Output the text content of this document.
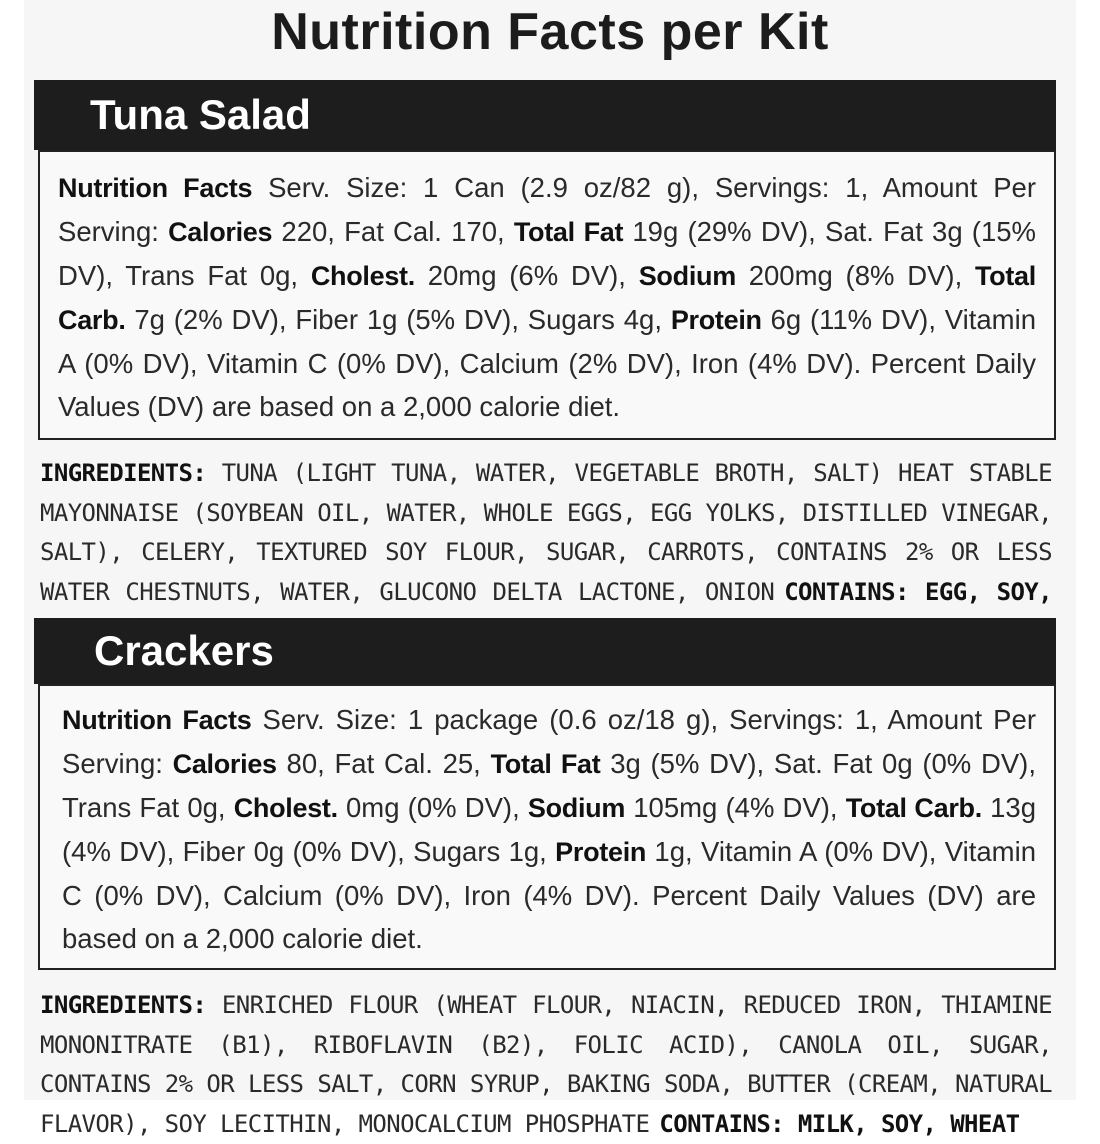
Nutrition Facts per Kit
Tuna Salad
Nutrition Facts Serv. Size: 1 Can (2.9 oz/82 g), Servings: 1, Amount Per Serving: Calories 220, Fat Cal. 170, Total Fat 19g (29% DV), Sat. Fat 3g (15% DV), Trans Fat 0g, Cholest. 20mg (6% DV), Sodium 200mg (8% DV), Total Carb. 7g (2% DV), Fiber 1g (5% DV), Sugars 4g, Protein 6g (11% DV), Vitamin A (0% DV), Vitamin C (0% DV), Calcium (2% DV), Iron (4% DV). Percent Daily Values (DV) are based on a 2,000 calorie diet.
INGREDIENTS: TUNA (LIGHT TUNA, WATER, VEGETABLE BROTH, SALT) HEAT STABLE MAYONNAISE (SOYBEAN OIL, WATER, WHOLE EGGS, EGG YOLKS, DISTILLED VINEGAR, SALT), CELERY, TEXTURED SOY FLOUR, SUGAR, CARROTS, CONTAINS 2% OR LESS WATER CHESTNUTS, WATER, GLUCONO DELTA LACTONE, ONION CONTAINS: EGG, SOY,
Crackers
Nutrition Facts Serv. Size: 1 package (0.6 oz/18 g), Servings: 1, Amount Per Serving: Calories 80, Fat Cal. 25, Total Fat 3g (5% DV), Sat. Fat 0g (0% DV), Trans Fat 0g, Cholest. 0mg (0% DV), Sodium 105mg (4% DV), Total Carb. 13g (4% DV), Fiber 0g (0% DV), Sugars 1g, Protein 1g, Vitamin A (0% DV), Vitamin C (0% DV), Calcium (0% DV), Iron (4% DV). Percent Daily Values (DV) are based on a 2,000 calorie diet.
INGREDIENTS: ENRICHED FLOUR (WHEAT FLOUR, NIACIN, REDUCED IRON, THIAMINE MONONITRATE (B1), RIBOFLAVIN (B2), FOLIC ACID), CANOLA OIL, SUGAR, CONTAINS 2% OR LESS SALT, CORN SYRUP, BAKING SODA, BUTTER (CREAM, NATURAL FLAVOR), SOY LECITHIN, MONOCALCIUM PHOSPHATE CONTAINS: MILK, SOY, WHEAT
